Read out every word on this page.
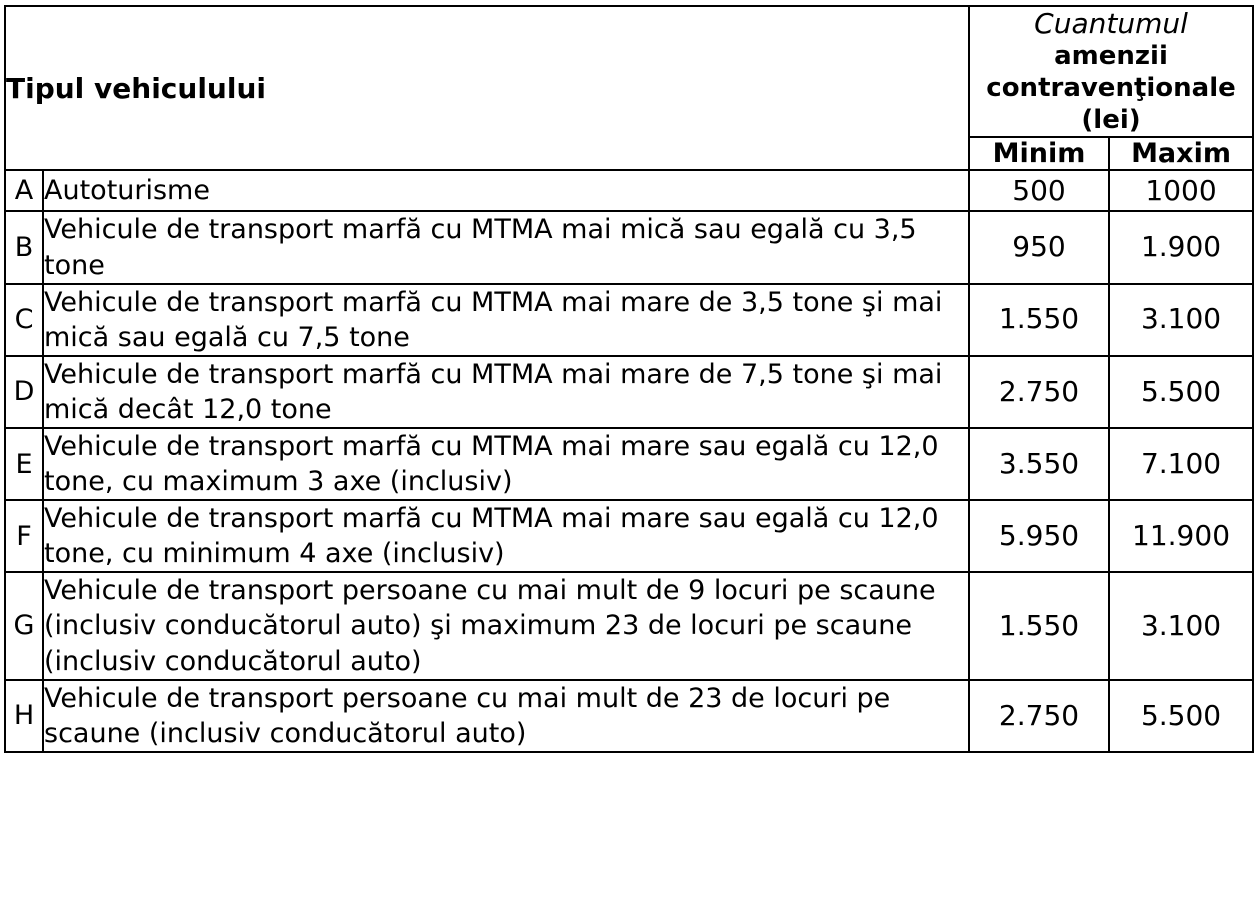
Tipul vehiculului		Cuantumul
amenzii
contravenţionale
(lei)	

		Minim	Maxim
A	Autoturisme	500	1000
B	Vehicule de transport marfă cu MTMA mai mică sau egală cu 3,5 tone	950	1.900
C	Vehicule de transport marfă cu MTMA mai mare de 3,5 tone şi mai mică sau egală cu 7,5 tone	1.550	3.100
D	Vehicule de transport marfă cu MTMA mai mare de 7,5 tone şi mai mică decât 12,0 tone	2.750	5.500
E	Vehicule de transport marfă cu MTMA mai mare sau egală cu 12,0 tone, cu maximum 3 axe (inclusiv)	3.550	7.100
F	Vehicule de transport marfă cu MTMA mai mare sau egală cu 12,0 tone, cu minimum 4 axe (inclusiv)	5.950	11.900
G	Vehicule de transport persoane cu mai mult de 9 locuri pe scaune (inclusiv conducătorul auto) şi maximum 23 de locuri pe scaune (inclusiv conducătorul auto)	1.550	3.100
H	Vehicule de transport persoane cu mai mult de 23 de locuri pe scaune (inclusiv conducătorul auto)	2.750	5.500
